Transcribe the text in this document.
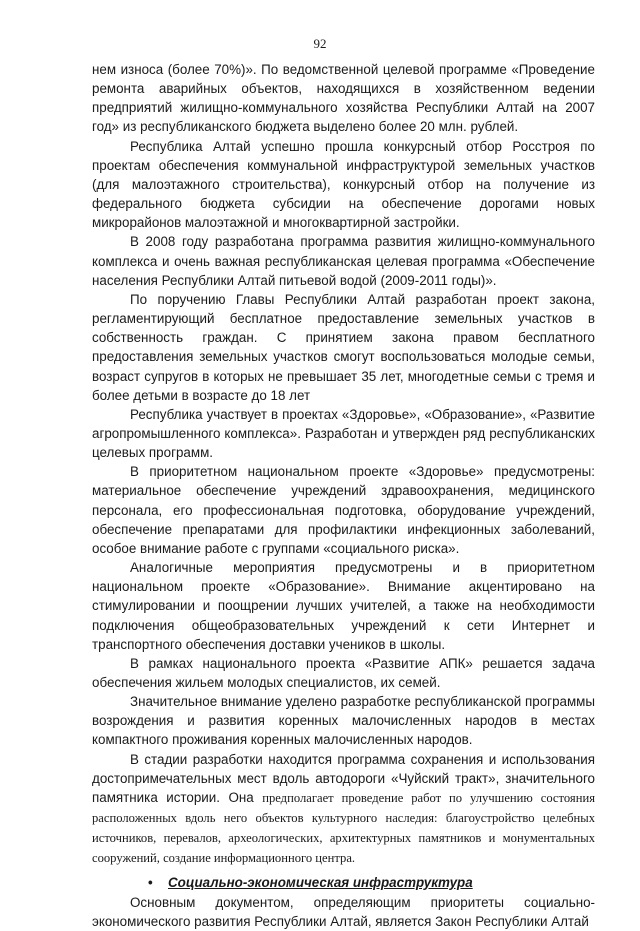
92

нем износа (более 70%)». По ведомственной целевой программе «Проведение ремонта аварийных объектов, находящихся в хозяйственном ведении предприятий жилищно-коммунального хозяйства Республики Алтай на 2007 год» из республиканского бюджета выделено более 20 млн. рублей.

Республика Алтай успешно прошла конкурсный отбор Росстроя по проектам обеспечения коммунальной инфраструктурой земельных участков (для малоэтажного строительства), конкурсный отбор на получение из федерального бюджета субсидии на обеспечение дорогами новых микрорайонов малоэтажной и многоквартирной застройки.

В 2008 году разработана программа развития жилищно-коммунального комплекса и очень важная республиканская целевая программа «Обеспечение населения Республики Алтай питьевой водой (2009-2011 годы)».

По поручению Главы Республики Алтай разработан проект закона, регламентирующий бесплатное предоставление земельных участков в собственность граждан. С принятием закона правом бесплатного предоставления земельных участков смогут воспользоваться молодые семьи, возраст супругов в которых не превышает 35 лет, многодетные семьи с тремя и более детьми в возрасте до 18 лет

Республика участвует в проектах «Здоровье», «Образование», «Развитие агропромышленного комплекса». Разработан и утвержден ряд республиканских целевых программ.

В приоритетном национальном проекте «Здоровье» предусмотрены: материальное обеспечение учреждений здравоохранения, медицинского персонала, его профессиональная подготовка, оборудование учреждений, обеспечение препаратами для профилактики инфекционных заболеваний, особое внимание работе с группами «социального риска».

Аналогичные мероприятия предусмотрены и в приоритетном национальном проекте «Образование». Внимание акцентировано на стимулировании и поощрении лучших учителей, а также на необходимости подключения общеобразовательных учреждений к сети Интернет и транспортного обеспечения доставки учеников в школы.

В рамках национального проекта «Развитие АПК» решается задача обеспечения жильем молодых специалистов, их семей.

Значительное внимание уделено разработке республиканской программы возрождения и развития коренных малочисленных народов в местах компактного проживания коренных малочисленных народов.

В стадии разработки находится программа сохранения и использования достопримечательных мест вдоль автодороги «Чуйский тракт», значительного памятника истории. Она предполагает проведение работ по улучшению состояния расположенных вдоль него объектов культурного наследия: благоустройство целебных источников, перевалов, археологических, архитектурных памятников и монументальных сооружений, создание информационного центра.

• Социально-экономическая инфраструктура

Основным документом, определяющим приоритеты социально-экономического развития Республики Алтай, является Закон Республики Алтай
